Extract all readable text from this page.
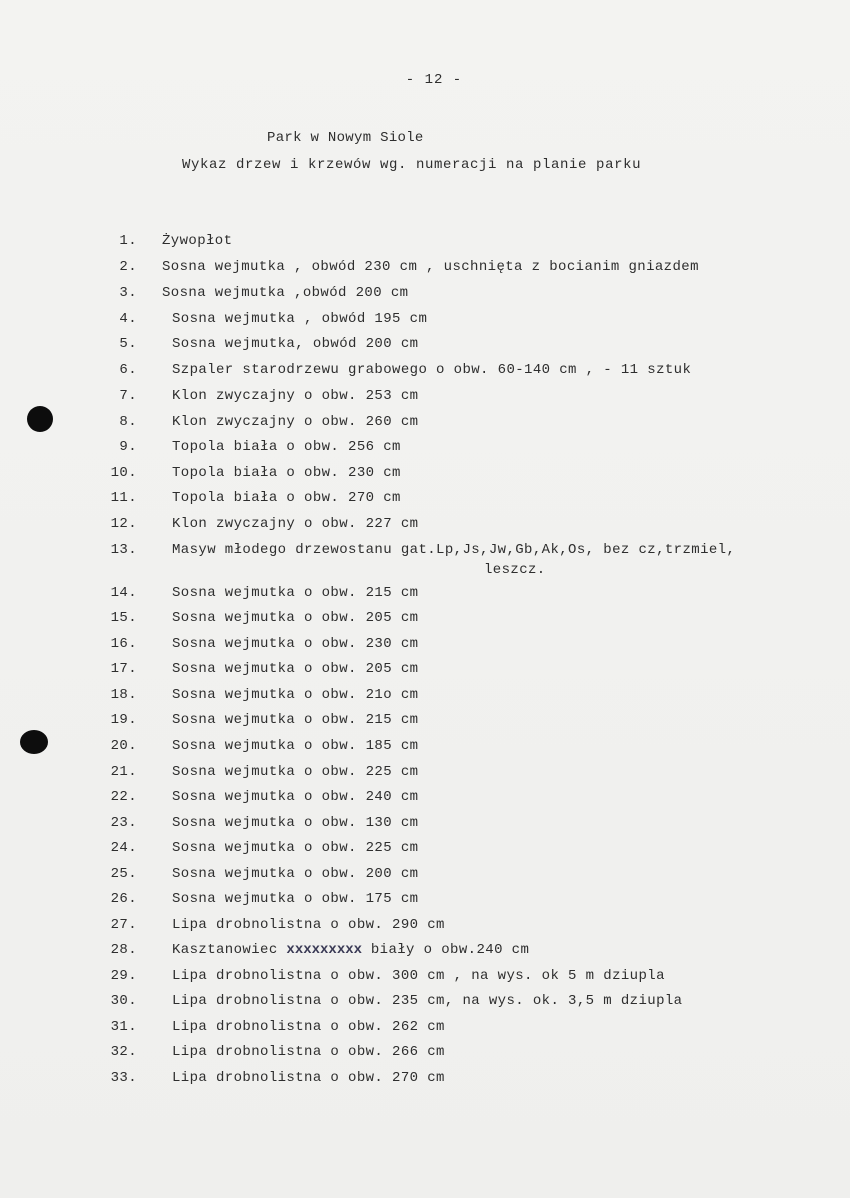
- 12 -
Park w Nowym Siole
Wykaz drzew i krzewów wg. numeracji na planie parku
1. Żywopłot
2. Sosna wejmutka , obwód 230 cm , uschnięta z bocianim gniazdem
3. Sosna wejmutka ,obwód 200 cm
4.	Sosna wejmutka , obwód 195 cm
5.	Sosna wejmutka, obwód 200 cm
6.	Szpaler starodrzewu grabowego o obw. 60-140 cm , - 11 sztuk
7.	Klon zwyczajny o obw. 253 cm
8.	Klon zwyczajny o obw. 260 cm
9.	Topola biała o obw. 256 cm
10.	Topola biała o obw. 230 cm
11.	Topola biała o obw. 270 cm
12.	Klon zwyczajny o obw. 227 cm
13.	Masyw młodego drzewostanu gat.Lp,Js,Jw,Gb,Ak,Os, bez cz,trzmiel,
leszcz.
14.	Sosna wejmutka o obw. 215 cm
15.	Sosna wejmutka o obw. 205 cm
16.	Sosna wejmutka o obw. 230 cm
17.	Sosna wejmutka o obw. 205 cm
18.	Sosna wejmutka o obw. 21o cm
19.	Sosna wejmutka o obw. 215 cm
20.	Sosna wejmutka o obw. 185 cm
21.	Sosna wejmutka o obw. 225 cm
22.	Sosna wejmutka o obw. 240 cm
23.	Sosna wejmutka o obw. 130 cm
24.	Sosna wejmutka o obw. 225 cm
25.	Sosna wejmutka o obw. 200 cm
26.	Sosna wejmutka o obw. 175 cm
27.	Lipa drobnolistna o obw. 290 cm
28.	Kasztanowiec xxxxxxxxx biały o obw.240 cm
29.	Lipa drobnolistna o obw. 300 cm , na wys. ok 5 m dziupla
30.	Lipa drobnolistna o obw. 235 cm, na wys. ok. 3,5 m dziupla
31.	Lipa drobnolistna o obw. 262 cm
32.	Lipa drobnolistna o obw. 266 cm
33.	Lipa drobnolistna o obw. 270 cm
